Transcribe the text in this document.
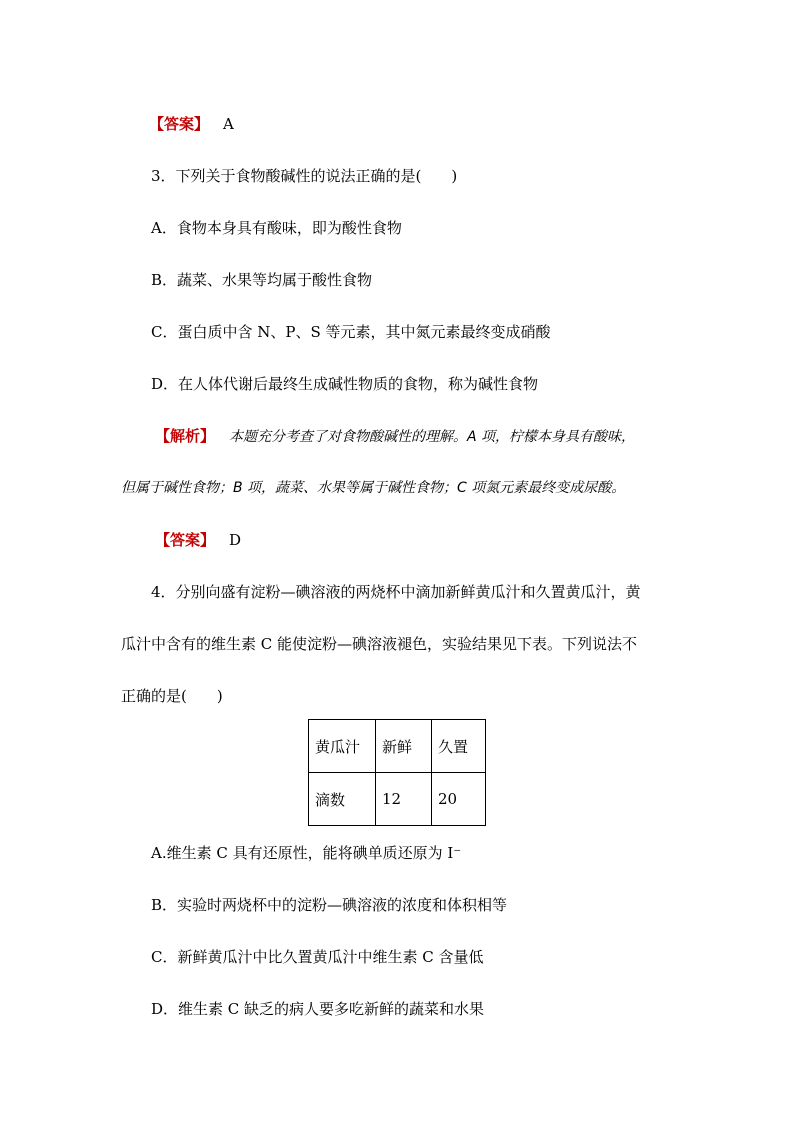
【答案】 A
3．下列关于食物酸碱性的说法正确的是(　　)
A．食物本身具有酸味，即为酸性食物
B．蔬菜、水果等均属于酸性食物
C．蛋白质中含 N、P、S 等元素，其中氮元素最终变成硝酸
D．在人体代谢后最终生成碱性物质的食物，称为碱性食物
【解析】 本题充分考查了对食物酸碱性的理解。A 项，柠檬本身具有酸味，
但属于碱性食物；B 项，蔬菜、水果等属于碱性食物；C 项氮元素最终变成尿酸。
【答案】 D
4．分别向盛有淀粉—碘溶液的两烧杯中滴加新鲜黄瓜汁和久置黄瓜汁，黄
瓜汁中含有的维生素 C 能使淀粉—碘溶液褪色，实验结果见下表。下列说法不
正确的是(　　)
黄瓜汁	新鲜	久置
滴数	12	20
A.维生素 C 具有还原性，能将碘单质还原为 I⁻
B．实验时两烧杯中的淀粉—碘溶液的浓度和体积相等
C．新鲜黄瓜汁中比久置黄瓜汁中维生素 C 含量低
D．维生素 C 缺乏的病人要多吃新鲜的蔬菜和水果
